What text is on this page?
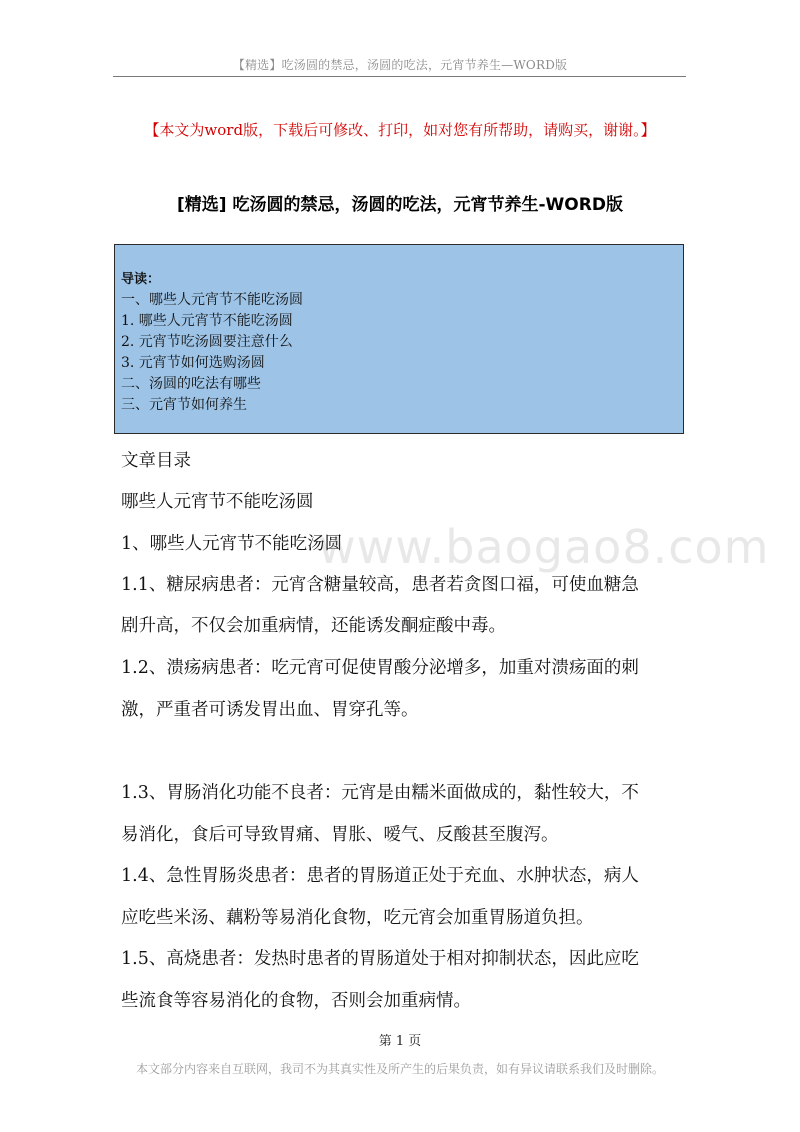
【精选】吃汤圆的禁忌，汤圆的吃法，元宵节养生—WORD版
【本文为word版，下载后可修改、打印，如对您有所帮助，请购买，谢谢。】
[精选] 吃汤圆的禁忌，汤圆的吃法，元宵节养生-WORD版
导读：
一、哪些人元宵节不能吃汤圆
1. 哪些人元宵节不能吃汤圆
2. 元宵节吃汤圆要注意什么
3. 元宵节如何选购汤圆
二、汤圆的吃法有哪些
三、元宵节如何养生
文章目录
哪些人元宵节不能吃汤圆
1、哪些人元宵节不能吃汤圆
1.1、糖尿病患者：元宵含糖量较高，患者若贪图口福，可使血糖急
剧升高，不仅会加重病情，还能诱发酮症酸中毒。
1.2、溃疡病患者：吃元宵可促使胃酸分泌增多，加重对溃疡面的刺
激，严重者可诱发胃出血、胃穿孔等。
1.3、胃肠消化功能不良者：元宵是由糯米面做成的，黏性较大，不
易消化，食后可导致胃痛、胃胀、嗳气、反酸甚至腹泻。
1.4、急性胃肠炎患者：患者的胃肠道正处于充血、水肿状态，病人
应吃些米汤、藕粉等易消化食物，吃元宵会加重胃肠道负担。
1.5、高烧患者：发热时患者的胃肠道处于相对抑制状态，因此应吃
些流食等容易消化的食物，否则会加重病情。
www.baogao8.com
第 1 页
本文部分内容来自互联网，我司不为其真实性及所产生的后果负责，如有异议请联系我们及时删除。
